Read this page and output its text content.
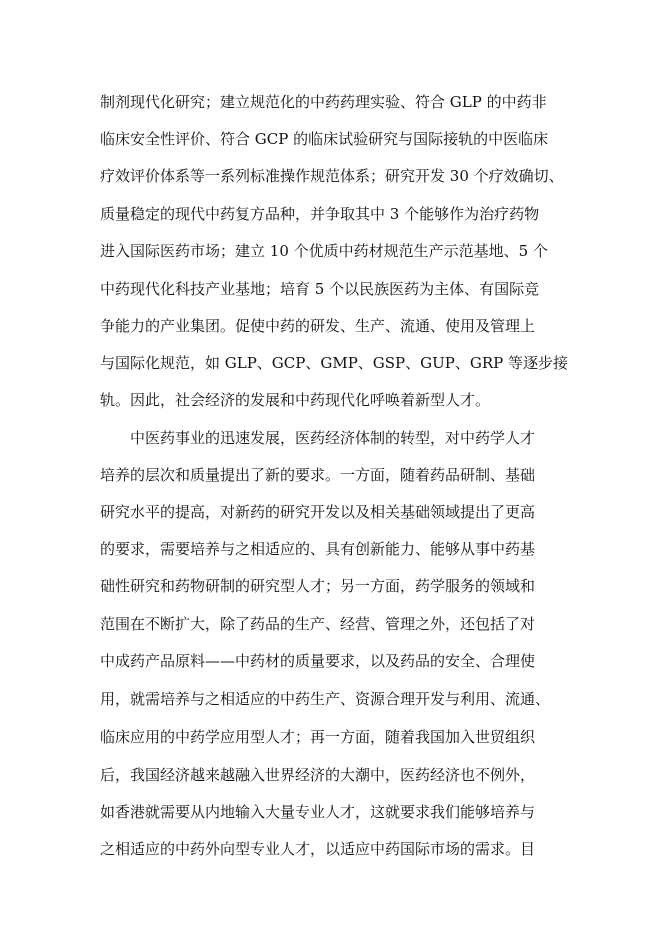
制剂现代化研究；建立规范化的中药药理实验、符合 GLP 的中药非
临床安全性评价、符合 GCP 的临床试验研究与国际接轨的中医临床
疗效评价体系等一系列标准操作规范体系；研究开发 30 个疗效确切、
质量稳定的现代中药复方品种，并争取其中 3 个能够作为治疗药物
进入国际医药市场；建立 10 个优质中药材规范生产示范基地、5 个
中药现代化科技产业基地；培育 5 个以民族医药为主体、有国际竞
争能力的产业集团。促使中药的研发、生产、流通、使用及管理上
与国际化规范，如 GLP、GCP、GMP、GSP、GUP、GRP 等逐步接
轨。因此，社会经济的发展和中药现代化呼唤着新型人才。
中医药事业的迅速发展，医药经济体制的转型，对中药学人才
培养的层次和质量提出了新的要求。一方面，随着药品研制、基础
研究水平的提高，对新药的研究开发以及相关基础领域提出了更高
的要求，需要培养与之相适应的、具有创新能力、能够从事中药基
础性研究和药物研制的研究型人才；另一方面，药学服务的领域和
范围在不断扩大，除了药品的生产、经营、管理之外，还包括了对
中成药产品原料——中药材的质量要求，以及药品的安全、合理使
用，就需培养与之相适应的中药生产、资源合理开发与利用、流通、
临床应用的中药学应用型人才；再一方面，随着我国加入世贸组织
后，我国经济越来越融入世界经济的大潮中，医药经济也不例外，
如香港就需要从内地输入大量专业人才，这就要求我们能够培养与
之相适应的中药外向型专业人才，以适应中药国际市场的需求。目
